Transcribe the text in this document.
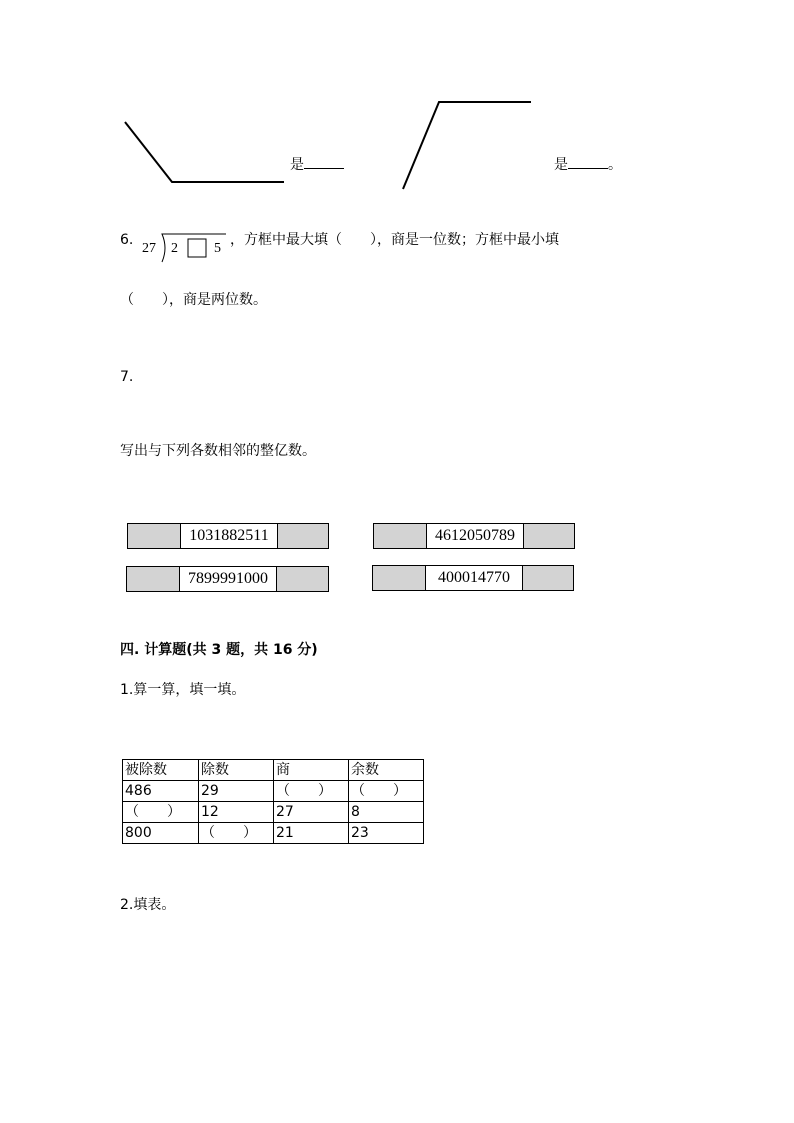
是	是	。
6.
27 2	5
，方框中最大填（　　），商是一位数；方框中最小填
（　　），商是两位数。
7.
写出与下列各数相邻的整亿数。
1031882511	4612050789
7899991000	400014770
四. 计算题(共 3 题，共 16 分)
1.算一算，填一填。
被除数	除数	商	余数
486	29	（　　）	（　　）
（　　）	12	27	8
800	（　　）	21	23
2.填表。
